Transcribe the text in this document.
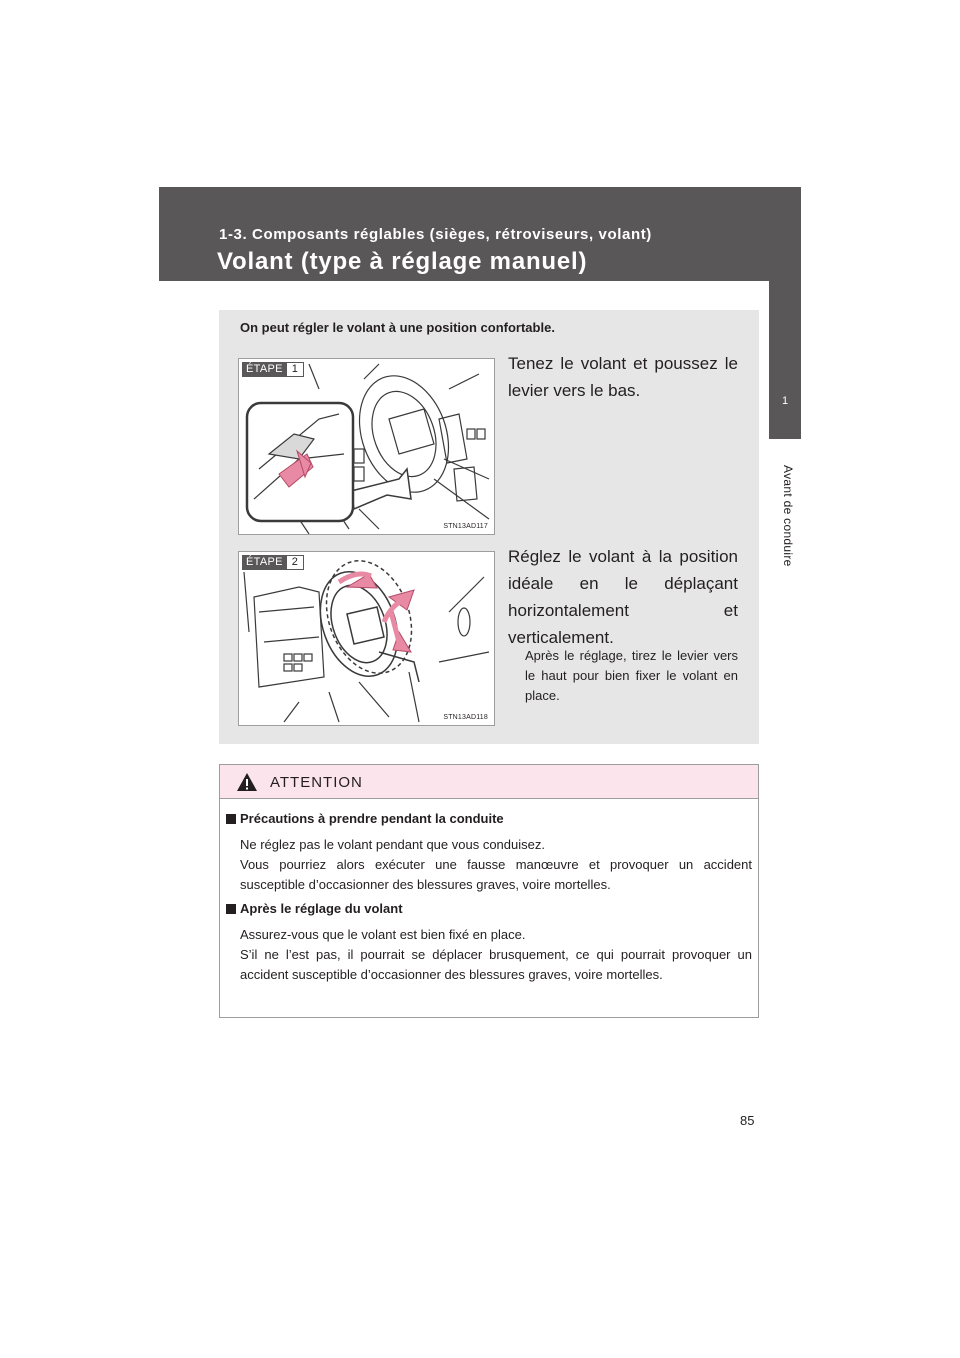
1-3. Composants réglables (sièges, rétroviseurs, volant)
Volant (type à réglage manuel)
1
Avant de conduire
On peut régler le volant à une position confortable.
ÉTAPE 1
STN13AD117
Tenez le volant et poussez le levier vers le bas.
ÉTAPE 2
STN13AD118
Réglez le volant à la position idéale en le déplaçant horizontalement et verticalement.
Après le réglage, tirez le levier vers le haut pour bien fixer le volant en place.
ATTENTION
Précautions à prendre pendant la conduite

Ne réglez pas le volant pendant que vous conduisez.

Vous pourriez alors exécuter une fausse manœuvre et provoquer un accident susceptible d’occasionner des blessures graves, voire mortelles.

Après le réglage du volant

Assurez-vous que le volant est bien fixé en place.

S’il ne l’est pas, il pourrait se déplacer brusquement, ce qui pourrait provoquer un accident susceptible d’occasionner des blessures graves, voire mortelles.

85
